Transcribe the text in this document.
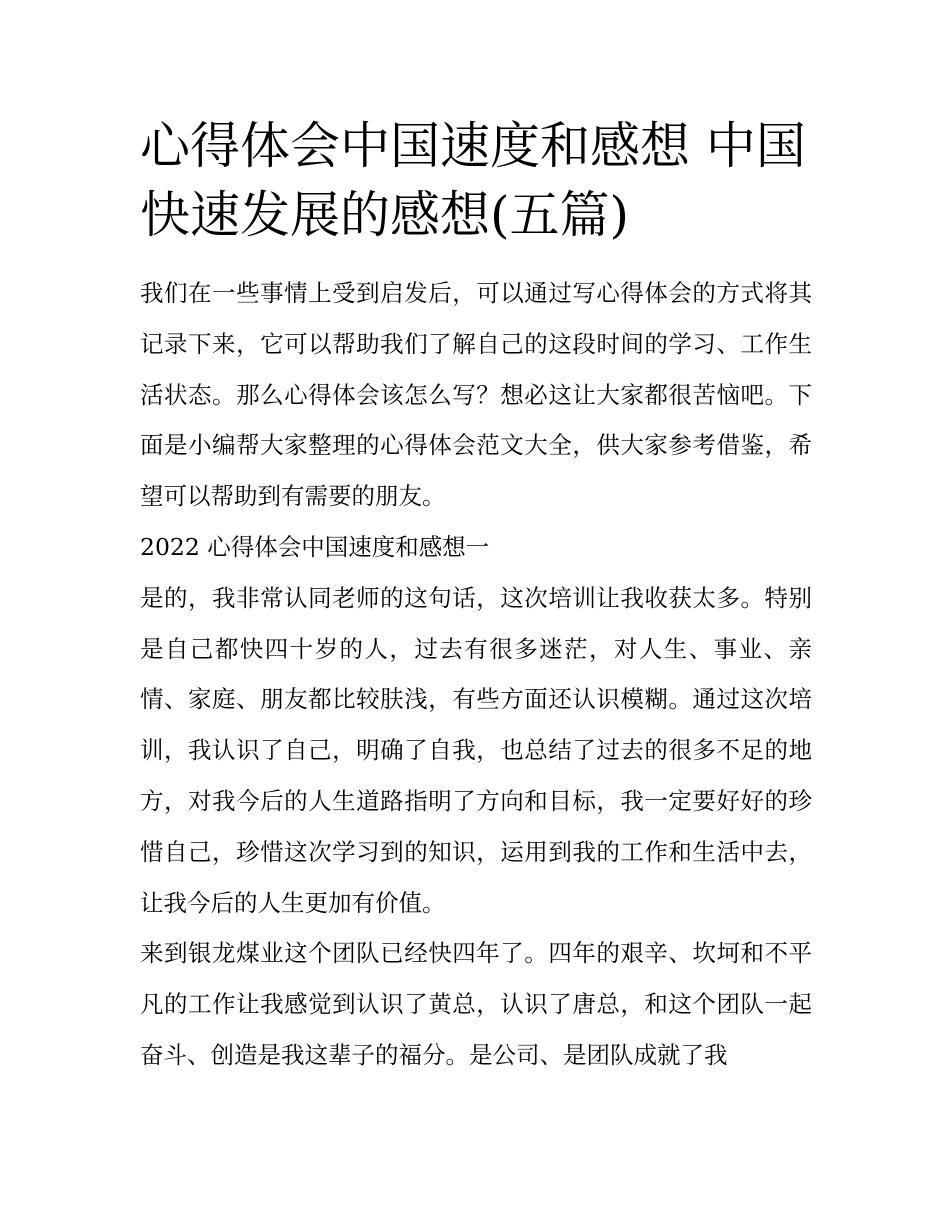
心得体会中国速度和感想 中国快速发展的感想(五篇)

我们在一些事情上受到启发后，可以通过写心得体会的方式将其记录下来，它可以帮助我们了解自己的这段时间的学习、工作生活状态。那么心得体会该怎么写？想必这让大家都很苦恼吧。下面是小编帮大家整理的心得体会范文大全，供大家参考借鉴，希望可以帮助到有需要的朋友。

2022 心得体会中国速度和感想一

是的，我非常认同老师的这句话，这次培训让我收获太多。特别是自己都快四十岁的人，过去有很多迷茫，对人生、事业、亲情、家庭、朋友都比较肤浅，有些方面还认识模糊。通过这次培训，我认识了自己，明确了自我，也总结了过去的很多不足的地方，对我今后的人生道路指明了方向和目标，我一定要好好的珍惜自己，珍惜这次学习到的知识，运用到我的工作和生活中去，让我今后的人生更加有价值。

来到银龙煤业这个团队已经快四年了。四年的艰辛、坎坷和不平凡的工作让我感觉到认识了黄总，认识了唐总，和这个团队一起奋斗、创造是我这辈子的福分。是公司、是团队成就了我
